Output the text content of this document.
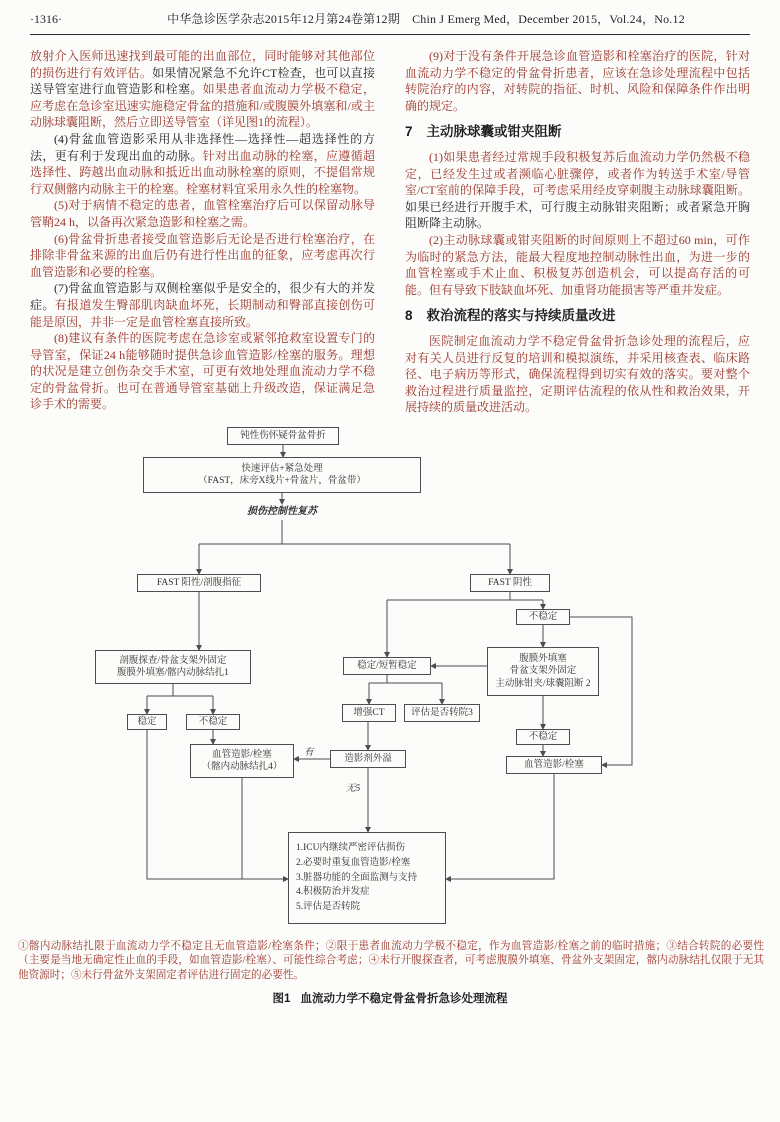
·1316·	中华急诊医学杂志2015年12月第24卷第12期　Chin J Emerg Med，December 2015，Vol.24，No.12

放射介入医师迅速找到最可能的出血部位，同时能够对其他部位的损伤进行有效评估。如果情况紧急不允许CT检查，也可以直接送导管室进行血管造影和栓塞。如果患者血流动力学极不稳定，应考虑在急诊室迅速实施稳定骨盆的措施和/或腹膜外填塞和/或主动脉球囊阻断，然后立即送导管室（详见图1的流程）。

(4)骨盆血管造影采用从非选择性—选择性—超选择性的方法，更有利于发现出血的动脉。针对出血动脉的栓塞，应遵循超选择性、跨越出血动脉和抵近出血动脉栓塞的原则，不提倡常规行双侧髂内动脉主干的栓塞。栓塞材料宜采用永久性的栓塞物。

(5)对于病情不稳定的患者，血管栓塞治疗后可以保留动脉导管鞘24 h，以备再次紧急造影和栓塞之需。

(6)骨盆骨折患者接受血管造影后无论是否进行栓塞治疗，在排除非骨盆来源的出血后仍有进行性出血的征象，应考虑再次行血管造影和必要的栓塞。

(7)骨盆血管造影与双侧栓塞似乎是安全的，很少有大的并发症。有报道发生臀部肌肉缺血坏死，长期制动和臀部直接创伤可能是原因，并非一定是血管栓塞直接所致。

(8)建议有条件的医院考虑在急诊室或紧邻抢救室设置专门的导管室，保证24 h能够随时提供急诊血管造影/栓塞的服务。理想的状况是建立创伤杂交手术室，可更有效地处理血流动力学不稳定的骨盆骨折。也可在普通导管室基础上升级改造，保证满足急诊手术的需要。

(9)对于没有条件开展急诊血管造影和栓塞治疗的医院，针对血流动力学不稳定的骨盆骨折患者，应该在急诊处理流程中包括转院治疗的内容，对转院的指征、时机、风险和保障条件作出明确的规定。

7 主动脉球囊或钳夹阻断

(1)如果患者经过常规手段积极复苏后血流动力学仍然极不稳定，已经发生过或者濒临心脏骤停，或者作为转送手术室/导管室/CT室前的保障手段，可考虑采用经皮穿刺腹主动脉球囊阻断。如果已经进行开腹手术，可行腹主动脉钳夹阻断；或者紧急开胸阻断降主动脉。

(2)主动脉球囊或钳夹阻断的时间原则上不超过60 min，可作为临时的紧急方法，能最大程度地控制动脉性出血，为进一步的血管栓塞或手术止血、积极复苏创造机会，可以提高存活的可能。但有导致下肢缺血坏死、加重肾功能损害等严重并发症。

8 救治流程的落实与持续质量改进

医院制定血流动力学不稳定骨盆骨折急诊处理的流程后，应对有关人员进行反复的培训和模拟演练，并采用核查表、临床路径、电子病历等形式，确保流程得到切实有效的落实。要对整个救治过程进行质量监控，定期评估流程的依从性和救治效果，开展持续的质量改进活动。

钝性伤怀疑骨盆骨折
快速评估+紧急处理
（FAST，床旁X线片+骨盆片，骨盆带）
损伤控制性复苏
FAST 阳性/剖腹指征	FAST 阴性
不稳定
剖腹探查/骨盆支架外固定
腹膜外填塞/髂内动脉结扎1
稳定/短暂稳定
腹膜外填塞
骨盆支架外固定
主动脉钳夹/球囊阻断 2
稳定	不稳定
增强CT	评估是否转院3
不稳定
血管造影/栓塞
（髂内动脉结扎4）
造影剂外溢
血管造影/栓塞
1.ICU内继续严密评估损伤
2.必要时重复血管造影/栓塞
3.脏器功能的全面监测与支持
4.积极防治并发症
5.评估是否转院
有
无5
①髂内动脉结扎限于血流动力学不稳定且无血管造影/栓塞条件；②限于患者血流动力学极不稳定，作为血管造影/栓塞之前的临时措施；③结合转院的必要性（主要是当地无确定性止血的手段，如血管造影/栓塞）、可能性综合考虑；④未行开腹探查者，可考虑腹膜外填塞、骨盆外支架固定，髂内动脉结扎仅限于无其他资源时；⑤未行骨盆外支架固定者评估进行固定的必要性。
图1 血流动力学不稳定骨盆骨折急诊处理流程
